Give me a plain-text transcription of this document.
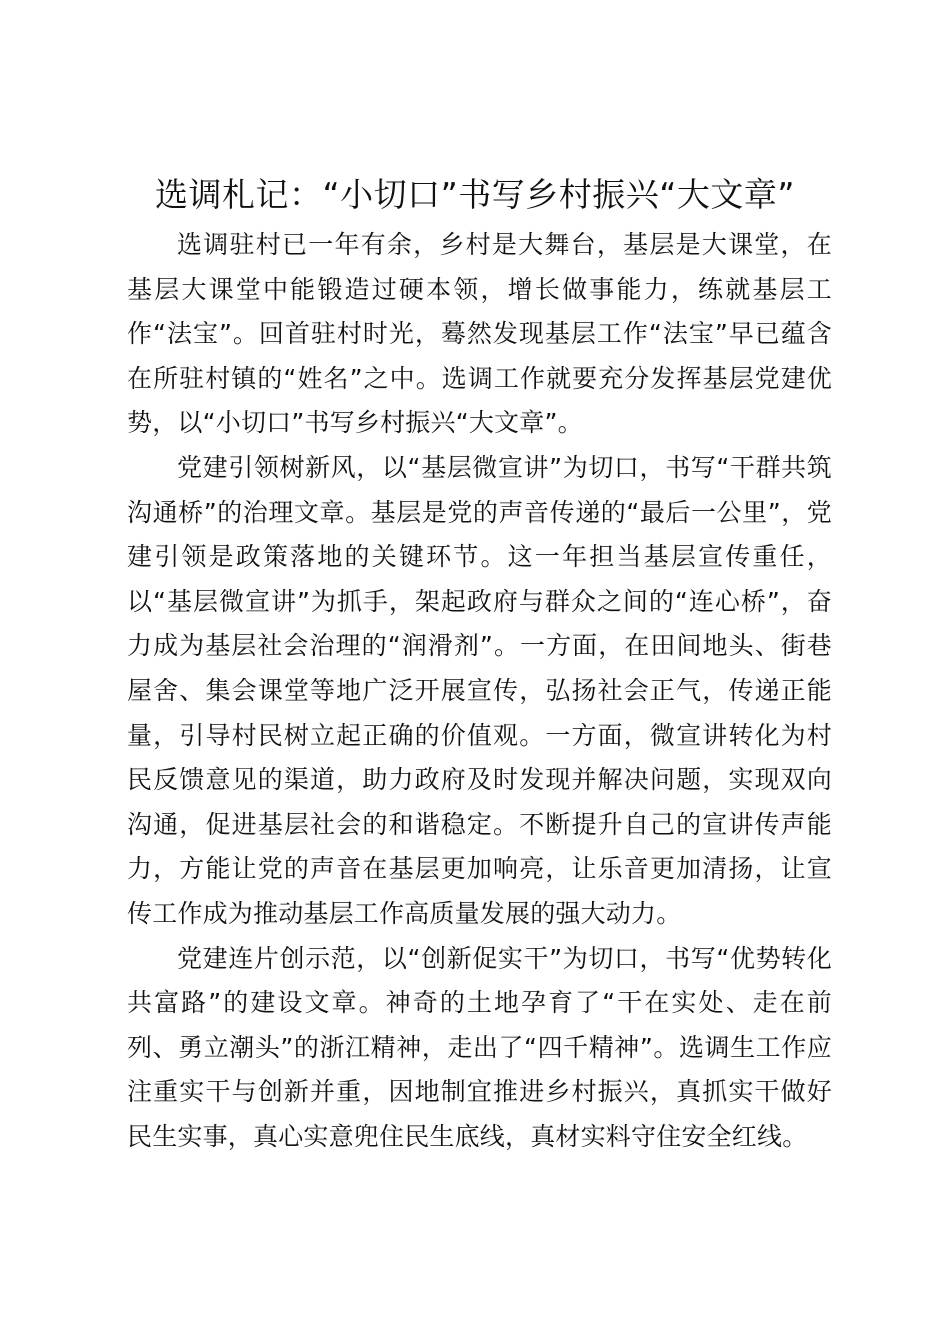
选调札记：“小切口”书写乡村振兴“大文章”

选调驻村已一年有余，乡村是大舞台，基层是大课堂，在基层大课堂中能锻造过硬本领，增长做事能力，练就基层工作“法宝”。回首驻村时光，蓦然发现基层工作“法宝”早已蕴含在所驻村镇的“姓名”之中。选调工作就要充分发挥基层党建优势，以“小切口”书写乡村振兴“大文章”。

党建引领树新风，以“基层微宣讲”为切口，书写“干群共筑沟通桥”的治理文章。基层是党的声音传递的“最后一公里”，党建引领是政策落地的关键环节。这一年担当基层宣传重任，以“基层微宣讲”为抓手，架起政府与群众之间的“连心桥”，奋力成为基层社会治理的“润滑剂”。一方面，在田间地头、街巷屋舍、集会课堂等地广泛开展宣传，弘扬社会正气，传递正能量，引导村民树立起正确的价值观。一方面，微宣讲转化为村民反馈意见的渠道，助力政府及时发现并解决问题，实现双向沟通，促进基层社会的和谐稳定。不断提升自己的宣讲传声能力，方能让党的声音在基层更加响亮，让乐音更加清扬，让宣传工作成为推动基层工作高质量发展的强大动力。

党建连片创示范，以“创新促实干”为切口，书写“优势转化共富路”的建设文章。神奇的土地孕育了“干在实处、走在前列、勇立潮头”的浙江精神，走出了“四千精神”。选调生工作应注重实干与创新并重，因地制宜推进乡村振兴，真抓实干做好民生实事，真心实意兜住民生底线，真材实料守住安全红线。
